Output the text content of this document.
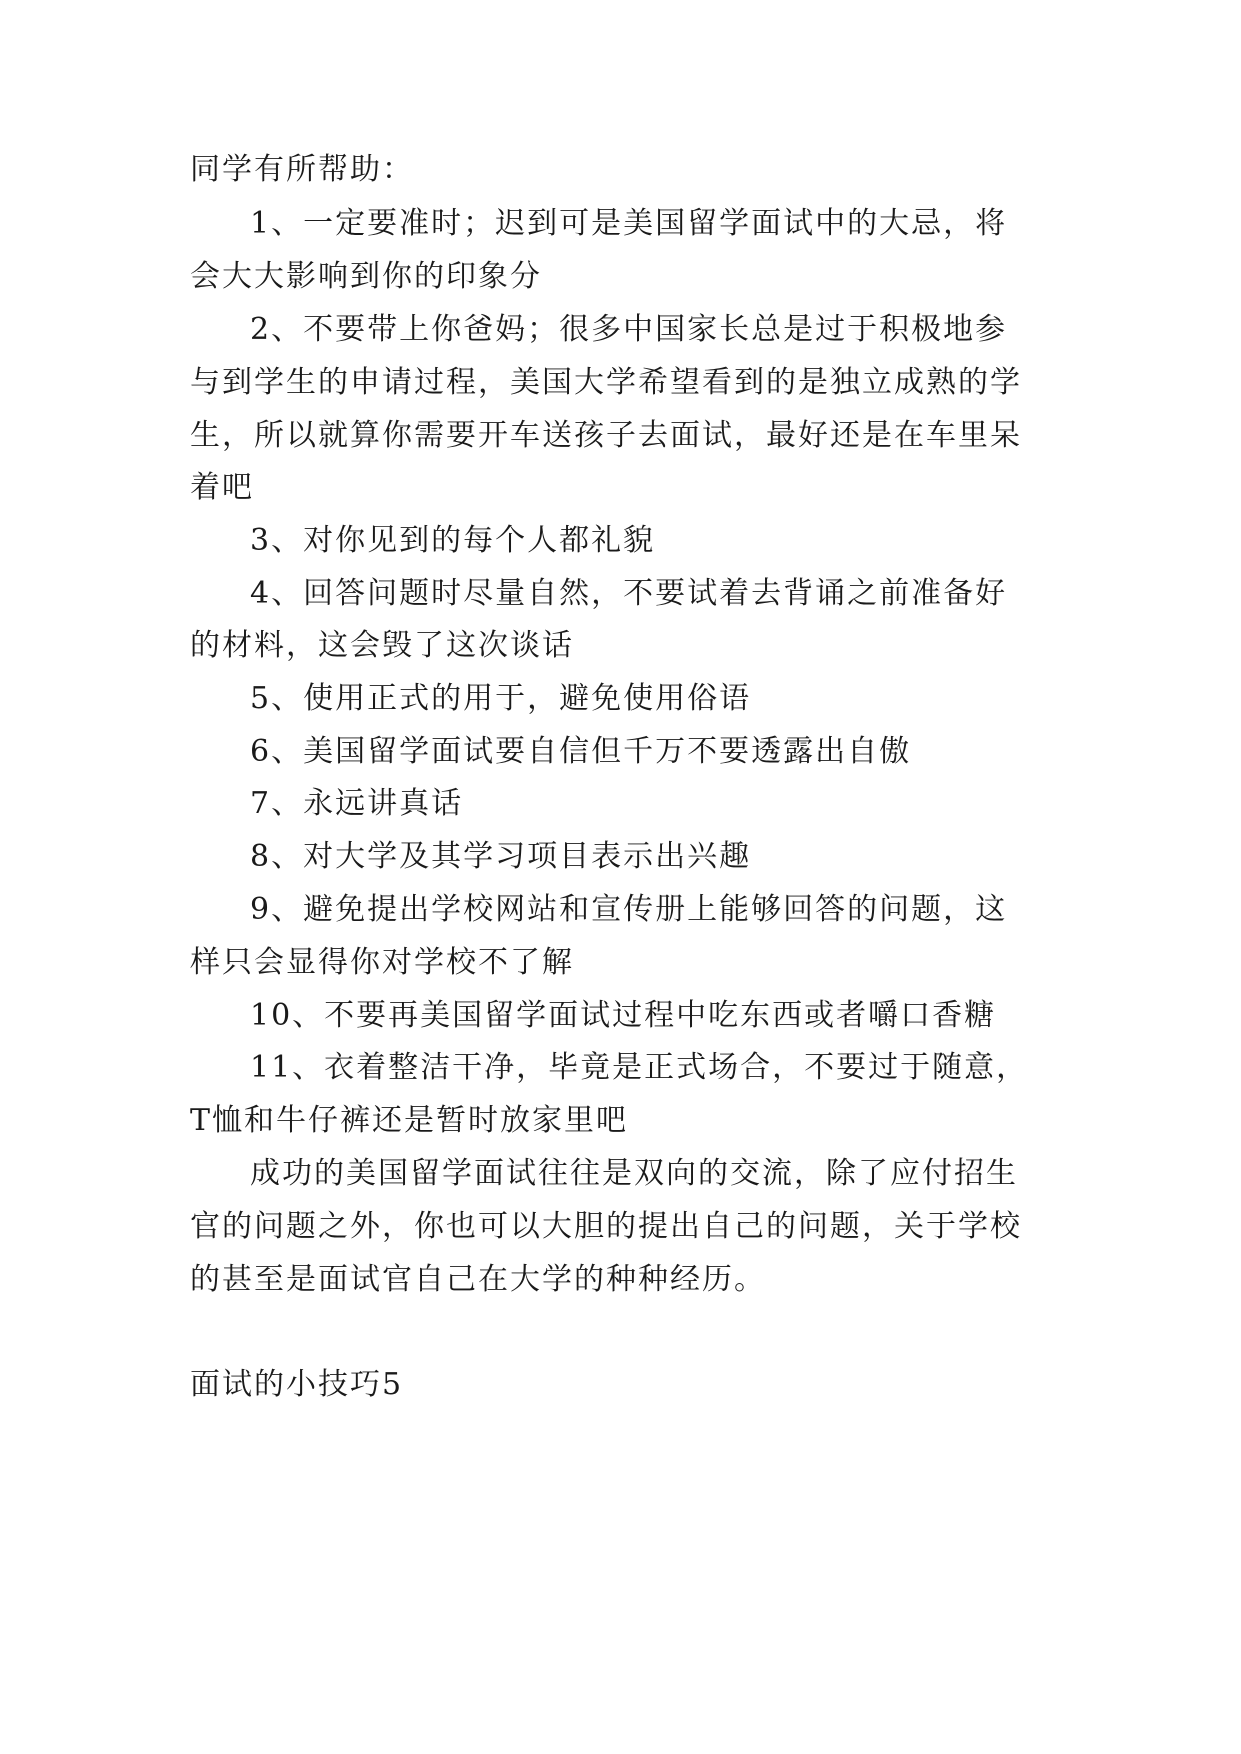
同学有所帮助：
1、一定要准时；迟到可是美国留学面试中的大忌，将
会大大影响到你的印象分
2、不要带上你爸妈；很多中国家长总是过于积极地参
与到学生的申请过程，美国大学希望看到的是独立成熟的学
生，所以就算你需要开车送孩子去面试，最好还是在车里呆
着吧
3、对你见到的每个人都礼貌
4、回答问题时尽量自然，不要试着去背诵之前准备好
的材料，这会毁了这次谈话
5、使用正式的用于，避免使用俗语
6、美国留学面试要自信但千万不要透露出自傲
7、永远讲真话
8、对大学及其学习项目表示出兴趣
9、避免提出学校网站和宣传册上能够回答的问题，这
样只会显得你对学校不了解
10、不要再美国留学面试过程中吃东西或者嚼口香糖
11、衣着整洁干净，毕竟是正式场合，不要过于随意，
T恤和牛仔裤还是暂时放家里吧
成功的美国留学面试往往是双向的交流，除了应付招生
官的问题之外，你也可以大胆的提出自己的问题，关于学校
的甚至是面试官自己在大学的种种经历。
面试的小技巧5
